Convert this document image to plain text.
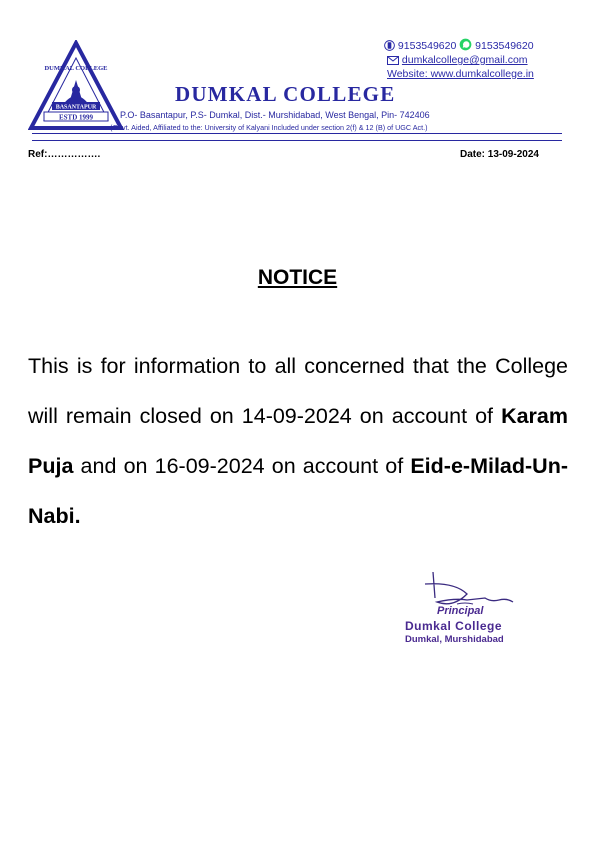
DUMKAL COLLEGE
BASANTAPUR
ESTD 1999
9153549620 9153549620
dumkalcollege@gmail.com
Website: www.dumkalcollege.in
DUMKAL COLLEGE
P.O- Basantapur, P.S- Dumkal, Dist.- Murshidabad, West Bengal, Pin- 742406
(Govt. Aided, Affiliated to the: University of Kalyani Included under section 2(f) & 12 (B) of UGC Act.)
Ref:…………….	Date: 13-09-2024
NOTICE
This is for information to all concerned that the College will remain closed on 14-09-2024 on account of Karam Puja and on 16-09-2024 on account of Eid-e-Milad-Un-Nabi.
Principal
Dumkal College
Dumkal, Murshidabad
